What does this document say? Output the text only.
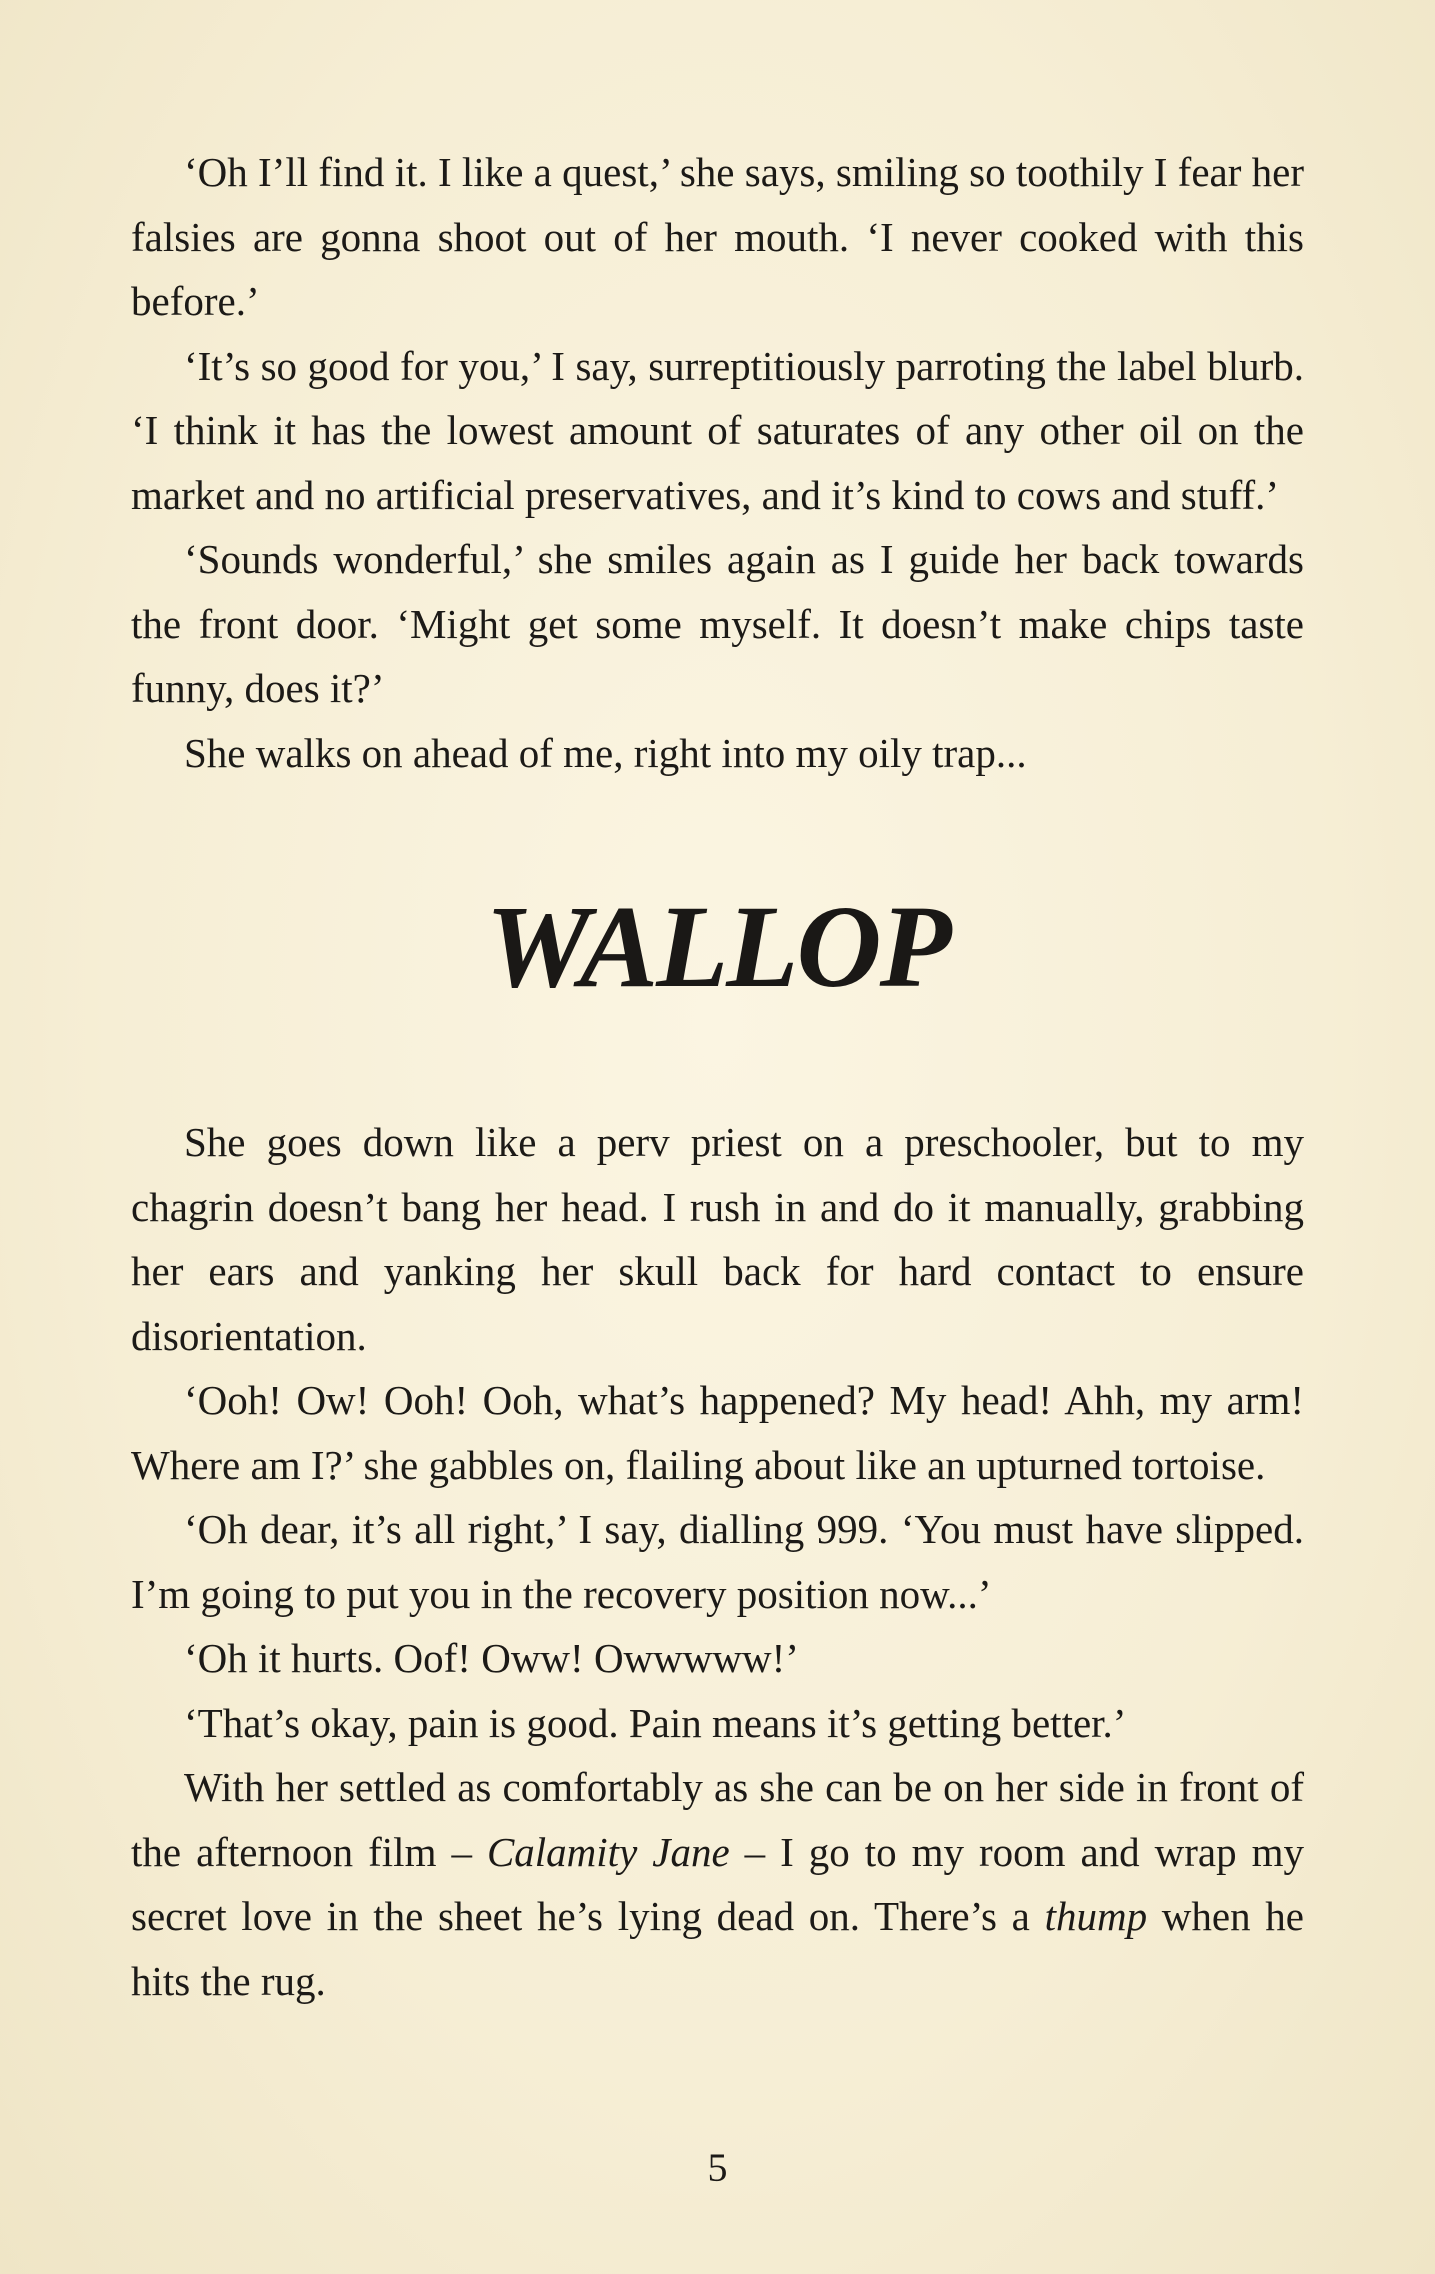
‘Oh I’ll find it. I like a quest,’ she says, smiling so toothily I fear her falsies are gonna shoot out of her mouth. ‘I never cooked with this before.’

‘It’s so good for you,’ I say, surreptitiously parroting the label blurb. ‘I think it has the lowest amount of saturates of any other oil on the market and no artificial preservatives, and it’s kind to cows and stuff.’

‘Sounds wonderful,’ she smiles again as I guide her back towards the front door. ‘Might get some myself. It doesn’t make chips taste funny, does it?’

She walks on ahead of me, right into my oily trap...

WALLOP

She goes down like a perv priest on a preschooler, but to my chagrin doesn’t bang her head. I rush in and do it manually, grabbing her ears and yanking her skull back for hard contact to ensure disorientation.

‘Ooh! Ow! Ooh! Ooh, what’s happened? My head! Ahh, my arm! Where am I?’ she gabbles on, flailing about like an upturned tortoise.

‘Oh dear, it’s all right,’ I say, dialling 999. ‘You must have slipped. I’m going to put you in the recovery position now...’

‘Oh it hurts. Oof! Oww! Owwwww!’

‘That’s okay, pain is good. Pain means it’s getting better.’

With her settled as comfortably as she can be on her side in front of the afternoon film – Calamity Jane – I go to my room and wrap my secret love in the sheet he’s lying dead on. There’s a thump when he hits the rug.

5
